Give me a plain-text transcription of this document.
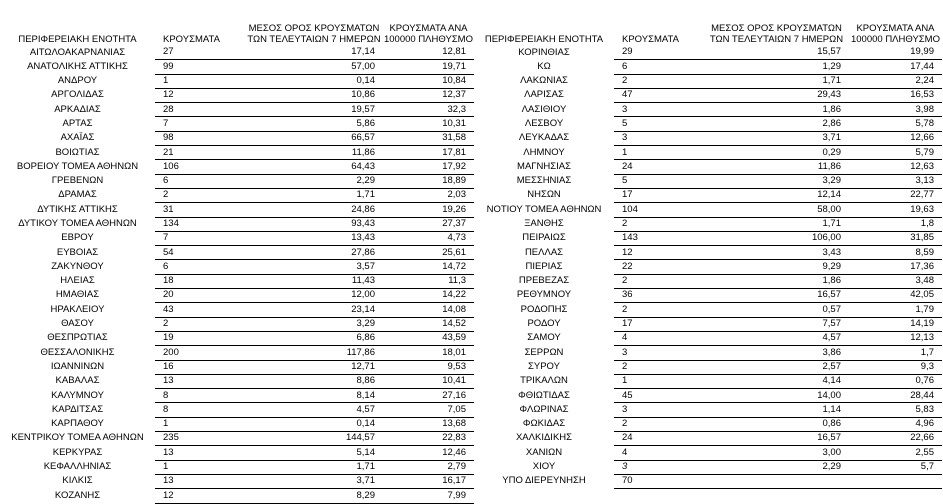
ΠΕΡΙΦΕΡΕΙΑΚΗ ΕΝΟΤΗΤΑ	ΚΡΟΥΣΜΑΤΑ	ΜΕΣΟΣ ΟΡΟΣ ΚΡΟΥΣΜΑΤΩΝ ΤΩΝ ΤΕΛΕΥΤΑΙΩΝ 7 ΗΜΕΡΩΝ	ΚΡΟΥΣΜΑΤΑ ΑΝΑ 100000 ΠΛΗΘΥΣΜΟ
ΑΙΤΩΛΟΑΚΑΡΝΑΝΙΑΣ	27	17,14	12,81
ΑΝΑΤΟΛΙΚΗΣ ΑΤΤΙΚΗΣ	99	57,00	19,71
ΑΝΔΡΟΥ	1	0,14	10,84
ΑΡΓΟΛΙΔΑΣ	12	10,86	12,37
ΑΡΚΑΔΙΑΣ	28	19,57	32,3
ΑΡΤΑΣ	7	5,86	10,31
ΑΧΑΪΑΣ	98	66,57	31,58
ΒΟΙΩΤΙΑΣ	21	11,86	17,81
ΒΟΡΕΙΟΥ ΤΟΜΕΑ ΑΘΗΝΩΝ	106	64,43	17,92
ΓΡΕΒΕΝΩΝ	6	2,29	18,89
ΔΡΑΜΑΣ	2	1,71	2,03
ΔΥΤΙΚΗΣ ΑΤΤΙΚΗΣ	31	24,86	19,26
ΔΥΤΙΚΟΥ ΤΟΜΕΑ ΑΘΗΝΩΝ	134	93,43	27,37
ΕΒΡΟΥ	7	13,43	4,73
ΕΥΒΟΙΑΣ	54	27,86	25,61
ΖΑΚΥΝΘΟΥ	6	3,57	14,72
ΗΛΕΙΑΣ	18	11,43	11,3
ΗΜΑΘΙΑΣ	20	12,00	14,22
ΗΡΑΚΛΕΙΟΥ	43	23,14	14,08
ΘΑΣΟΥ	2	3,29	14,52
ΘΕΣΠΡΩΤΙΑΣ	19	6,86	43,59
ΘΕΣΣΑΛΟΝΙΚΗΣ	200	117,86	18,01
ΙΩΑΝΝΙΝΩΝ	16	12,71	9,53
ΚΑΒΑΛΑΣ	13	8,86	10,41
ΚΑΛΥΜΝΟΥ	8	8,14	27,16
ΚΑΡΔΙΤΣΑΣ	8	4,57	7,05
ΚΑΡΠΑΘΟΥ	1	0,14	13,68
ΚΕΝΤΡΙΚΟΥ ΤΟΜΕΑ ΑΘΗΝΩΝ	235	144,57	22,83
ΚΕΡΚΥΡΑΣ	13	5,14	12,46
ΚΕΦΑΛΛΗΝΙΑΣ	1	1,71	2,79
ΚΙΛΚΙΣ	13	3,71	16,17
ΚΟΖΑΝΗΣ	12	8,29	7,99
ΠΕΡΙΦΕΡΕΙΑΚΗ ΕΝΟΤΗΤΑ	ΚΡΟΥΣΜΑΤΑ	ΜΕΣΟΣ ΟΡΟΣ ΚΡΟΥΣΜΑΤΩΝ ΤΩΝ ΤΕΛΕΥΤΑΙΩΝ 7 ΗΜΕΡΩΝ	ΚΡΟΥΣΜΑΤΑ ΑΝΑ 100000 ΠΛΗΘΥΣΜΟ
ΚΟΡΙΝΘΙΑΣ	29	15,57	19,99
ΚΩ	6	1,29	17,44
ΛΑΚΩΝΙΑΣ	2	1,71	2,24
ΛΑΡΙΣΑΣ	47	29,43	16,53
ΛΑΣΙΘΙΟΥ	3	1,86	3,98
ΛΕΣΒΟΥ	5	2,86	5,78
ΛΕΥΚΑΔΑΣ	3	3,71	12,66
ΛΗΜΝΟΥ	1	0,29	5,79
ΜΑΓΝΗΣΙΑΣ	24	11,86	12,63
ΜΕΣΣΗΝΙΑΣ	5	3,29	3,13
ΝΗΣΩΝ	17	12,14	22,77
ΝΟΤΙΟΥ ΤΟΜΕΑ ΑΘΗΝΩΝ	104	58,00	19,63
ΞΑΝΘΗΣ	2	1,71	1,8
ΠΕΙΡΑΙΩΣ	143	106,00	31,85
ΠΕΛΛΑΣ	12	3,43	8,59
ΠΙΕΡΙΑΣ	22	9,29	17,36
ΠΡΕΒΕΖΑΣ	2	1,86	3,48
ΡΕΘΥΜΝΟΥ	36	16,57	42,05
ΡΟΔΟΠΗΣ	2	0,57	1,79
ΡΟΔΟΥ	17	7,57	14,19
ΣΑΜΟΥ	4	4,57	12,13
ΣΕΡΡΩΝ	3	3,86	1,7
ΣΥΡΟΥ	2	2,57	9,3
ΤΡΙΚΑΛΩΝ	1	4,14	0,76
ΦΘΙΩΤΙΔΑΣ	45	14,00	28,44
ΦΛΩΡΙΝΑΣ	3	1,14	5,83
ΦΩΚΙΔΑΣ	2	0,86	4,96
ΧΑΛΚΙΔΙΚΗΣ	24	16,57	22,66
ΧΑΝΙΩΝ	4	3,00	2,55
ΧΙΟΥ	3	2,29	5,7
ΥΠΟ ΔΙΕΡΕΥΝΗΣΗ	70		
